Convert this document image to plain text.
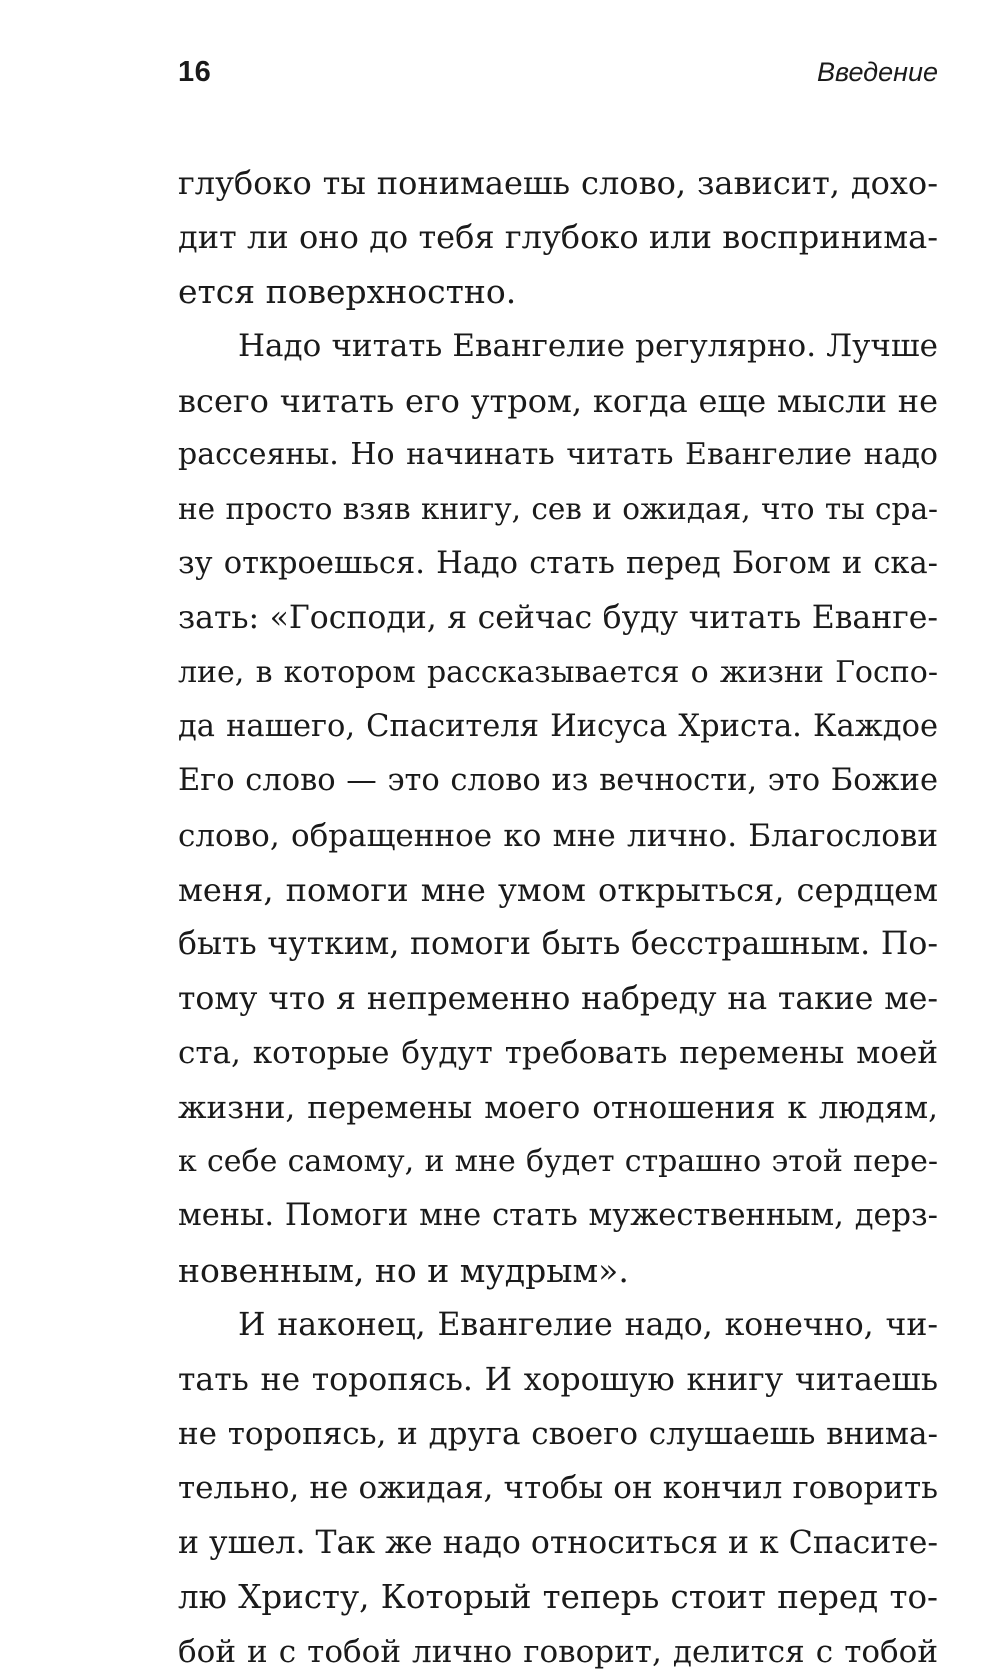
16	Введение
глубоко ты понимаешь слово, зависит, дохо-
дит ли оно до тебя глубоко или воспринима-
ется поверхностно.
Надо читать Евангелие регулярно. Лучше
всего читать его утром, когда еще мысли не
рассеяны. Но начинать читать Евангелие надо
не просто взяв книгу, сев и ожидая, что ты сра-
зу откроешься. Надо стать перед Богом и ска-
зать: «Господи, я сейчас буду читать Еванге-
лие, в котором рассказывается о жизни Госпо-
да нашего, Спасителя Иисуса Христа. Каждое
Его слово — это слово из вечности, это Божие
слово, обращенное ко мне лично. Благослови
меня, помоги мне умом открыться, сердцем
быть чутким, помоги быть бесстрашным. По-
тому что я непременно набреду на такие ме-
ста, которые будут требовать перемены моей
жизни, перемены моего отношения к людям,
к себе самому, и мне будет страшно этой пере-
мены. Помоги мне стать мужественным, дерз-
новенным, но и мудрым».
И наконец, Евангелие надо, конечно, чи-
тать не торопясь. И хорошую книгу читаешь
не торопясь, и друга своего слушаешь внима-
тельно, не ожидая, чтобы он кончил говорить
и ушел. Так же надо относиться и к Спасите-
лю Христу, Который теперь стоит перед то-
бой и с тобой лично говорит, делится с тобой
